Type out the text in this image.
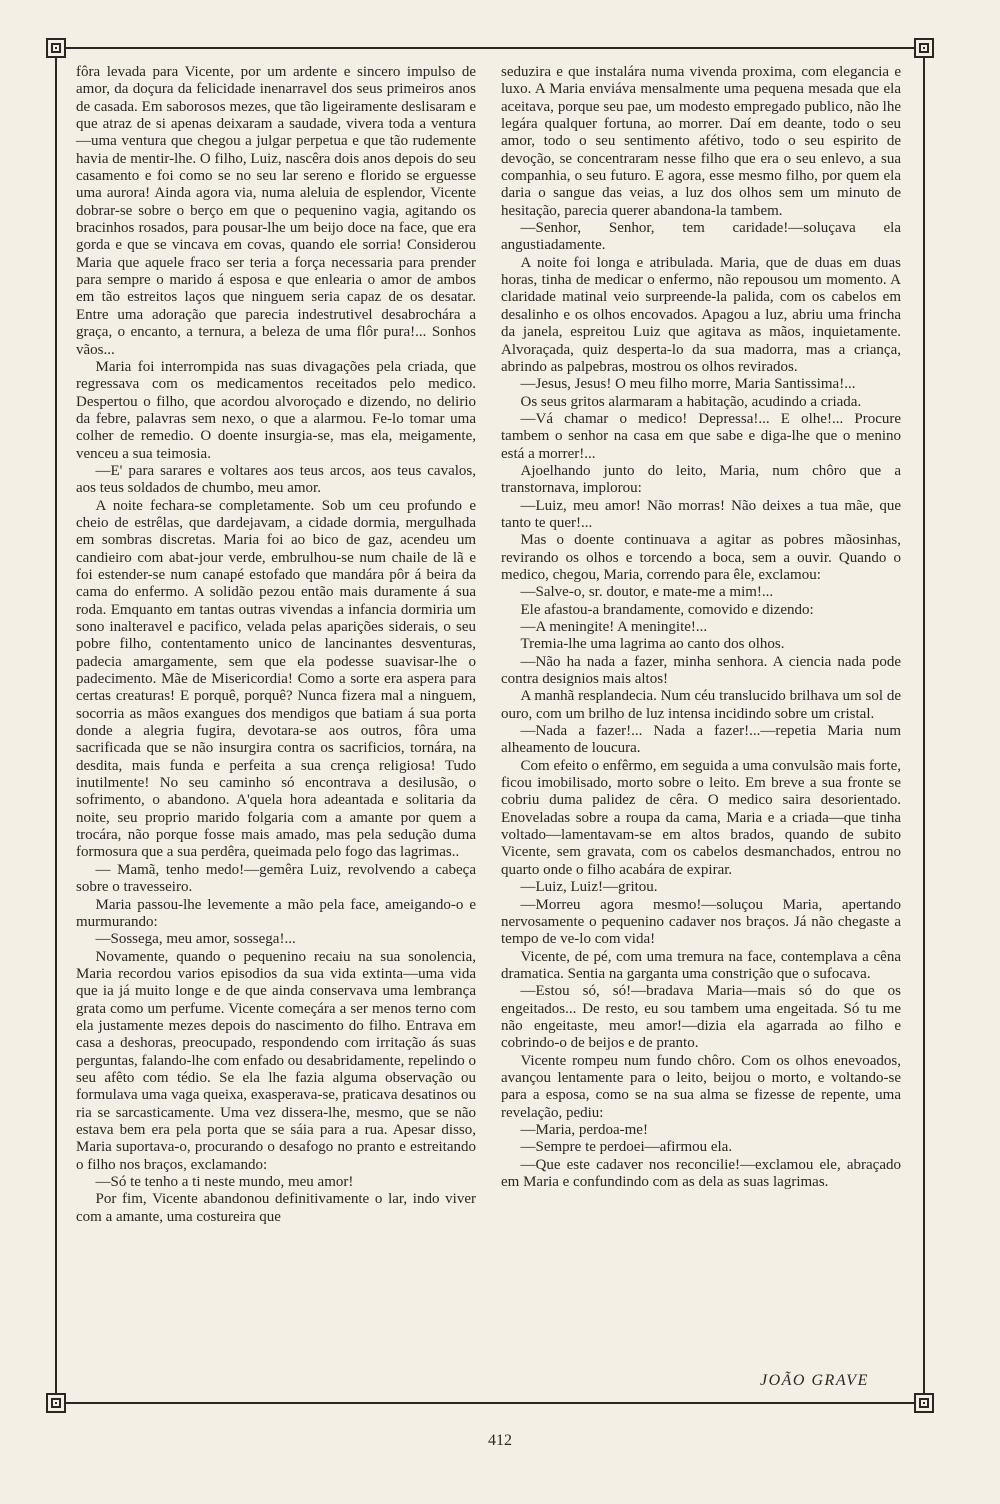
fôra levada para Vicente, por um ardente e sincero impulso de amor, da doçura da felicidade inenarravel dos seus primeiros anos de casada. Em saborosos mezes, que tão ligeiramente deslisaram e que atraz de si apenas deixaram a saudade, vivera toda a ventura—uma ventura que chegou a julgar perpetua e que tão rudemente havia de mentir-lhe. O filho, Luiz, nascêra dois anos depois do seu casamento e foi como se no seu lar sereno e florido se erguesse uma aurora! Ainda agora via, numa aleluia de esplendor, Vicente dobrar-se sobre o berço em que o pequenino vagia, agitando os bracinhos rosados, para pousar-lhe um beijo doce na face, que era gorda e que se vincava em covas, quando ele sorria! Considerou Maria que aquele fraco ser teria a força necessaria para prender para sempre o marido á esposa e que enlearia o amor de ambos em tão estreitos laços que ninguem seria capaz de os desatar. Entre uma adoração que parecia indestrutivel desabrochára a graça, o encanto, a ternura, a beleza de uma flôr pura!... Sonhos vãos...

Maria foi interrompida nas suas divagações pela criada, que regressava com os medicamentos receitados pelo medico. Despertou o filho, que acordou alvoroçado e dizendo, no delirio da febre, palavras sem nexo, o que a alarmou. Fe-lo tomar uma colher de remedio. O doente insurgia-se, mas ela, meigamente, venceu a sua teimosia.

—E' para sarares e voltares aos teus arcos, aos teus cavalos, aos teus soldados de chumbo, meu amor.

A noite fechara-se completamente. Sob um ceu profundo e cheio de estrêlas, que dardejavam, a cidade dormia, mergulhada em sombras discretas. Maria foi ao bico de gaz, acendeu um candieiro com abat-jour verde, embrulhou-se num chaile de lã e foi estender-se num canapé estofado que mandára pôr á beira da cama do enfermo. A solidão pezou então mais duramente á sua roda. Emquanto em tantas outras vivendas a infancia dormiria um sono inalteravel e pacifico, velada pelas aparições siderais, o seu pobre filho, contentamento unico de lancinantes desventuras, padecia amargamente, sem que ela podesse suavisar-lhe o padecimento. Mãe de Misericordia! Como a sorte era aspera para certas creaturas! E porquê, porquê? Nunca fizera mal a ninguem, socorria as mãos exangues dos mendigos que batiam á sua porta donde a alegria fugira, devotara-se aos outros, fôra uma sacrificada que se não insurgira contra os sacrificios, tornára, na desdita, mais funda e perfeita a sua crença religiosa! Tudo inutilmente! No seu caminho só encontrava a desilusão, o sofrimento, o abandono. A'quela hora adeantada e solitaria da noite, seu proprio marido folgaria com a amante por quem a trocára, não porque fosse mais amado, mas pela sedução duma formosura que a sua perdêra, queimada pelo fogo das lagrimas..

— Mamã, tenho medo!—gemêra Luiz, revolvendo a cabeça sobre o travesseiro.

Maria passou-lhe levemente a mão pela face, ameigando-o e murmurando:

—Sossega, meu amor, sossega!...

Novamente, quando o pequenino recaiu na sua sonolencia, Maria recordou varios episodios da sua vida extinta—uma vida que ia já muito longe e de que ainda conservava uma lembrança grata como um perfume. Vicente começára a ser menos terno com ela justamente mezes depois do nascimento do filho. Entrava em casa a deshoras, preocupado, respondendo com irritação ás suas perguntas, falando-lhe com enfado ou desabridamente, repelindo o seu afêto com tédio. Se ela lhe fazia alguma observação ou formulava uma vaga queixa, exasperava-se, praticava desatinos ou ria se sarcasticamente. Uma vez dissera-lhe, mesmo, que se não estava bem era pela porta que se sáia para a rua. Apesar disso, Maria suportava-o, procurando o desafogo no pranto e estreitando o filho nos braços, exclamando:

—Só te tenho a ti neste mundo, meu amor!

Por fim, Vicente abandonou definitivamente o lar, indo viver com a amante, uma costureira que

seduzira e que instalára numa vivenda proxima, com elegancia e luxo. A Maria enviáva mensalmente uma pequena mesada que ela aceitava, porque seu pae, um modesto empregado publico, não lhe legára qualquer fortuna, ao morrer. Daí em deante, todo o seu amor, todo o seu sentimento afétivo, todo o seu espirito de devoção, se concentraram nesse filho que era o seu enlevo, a sua companhia, o seu futuro. E agora, esse mesmo filho, por quem ela daria o sangue das veias, a luz dos olhos sem um minuto de hesitação, parecia querer abandona-la tambem.

—Senhor, Senhor, tem caridade!—soluçava ela angustiadamente.

A noite foi longa e atribulada. Maria, que de duas em duas horas, tinha de medicar o enfermo, não repousou um momento. A claridade matinal veio surpreende-la palida, com os cabelos em desalinho e os olhos encovados. Apagou a luz, abriu uma frincha da janela, espreitou Luiz que agitava as mãos, inquietamente. Alvoraçada, quiz desperta-lo da sua madorra, mas a criança, abrindo as palpebras, mostrou os olhos revirados.

—Jesus, Jesus! O meu filho morre, Maria Santissima!...

Os seus gritos alarmaram a habitação, acudindo a criada.

—Vá chamar o medico! Depressa!... E olhe!... Procure tambem o senhor na casa em que sabe e diga-lhe que o menino está a morrer!...

Ajoelhando junto do leito, Maria, num chôro que a transtornava, implorou:

—Luiz, meu amor! Não morras! Não deixes a tua mãe, que tanto te quer!...

Mas o doente continuava a agitar as pobres mãosinhas, revirando os olhos e torcendo a boca, sem a ouvir. Quando o medico, chegou, Maria, correndo para êle, exclamou:

—Salve-o, sr. doutor, e mate-me a mim!...

Ele afastou-a brandamente, comovido e dizendo:

—A meningite! A meningite!...

Tremia-lhe uma lagrima ao canto dos olhos.

—Não ha nada a fazer, minha senhora. A ciencia nada pode contra designios mais altos!

A manhã resplandecia. Num céu translucido brilhava um sol de ouro, com um brilho de luz intensa incidindo sobre um cristal.

—Nada a fazer!... Nada a fazer!...—repetia Maria num alheamento de loucura.

Com efeito o enfêrmo, em seguida a uma convulsão mais forte, ficou imobilisado, morto sobre o leito. Em breve a sua fronte se cobriu duma palidez de cêra. O medico saira desorientado. Enoveladas sobre a roupa da cama, Maria e a criada—que tinha voltado—lamentavam-se em altos brados, quando de subito Vicente, sem gravata, com os cabelos desmanchados, entrou no quarto onde o filho acabára de expirar.

—Luiz, Luiz!—gritou.

—Morreu agora mesmo!—soluçou Maria, apertando nervosamente o pequenino cadaver nos braços. Já não chegaste a tempo de ve-lo com vida!

Vicente, de pé, com uma tremura na face, contemplava a cêna dramatica. Sentia na garganta uma constrição que o sufocava.

—Estou só, só!—bradava Maria—mais só do que os engeitados... De resto, eu sou tambem uma engeitada. Só tu me não engeitaste, meu amor!—dizia ela agarrada ao filho e cobrindo-o de beijos e de pranto.

Vicente rompeu num fundo chôro. Com os olhos enevoados, avançou lentamente para o leito, beijou o morto, e voltando-se para a esposa, como se na sua alma se fizesse de repente, uma revelação, pediu:

—Maria, perdoa-me!

—Sempre te perdoei—afirmou ela.

—Que este cadaver nos reconcilie!—exclamou ele, abraçado em Maria e confundindo com as dela as suas lagrimas.

JOÃO GRAVE
412
